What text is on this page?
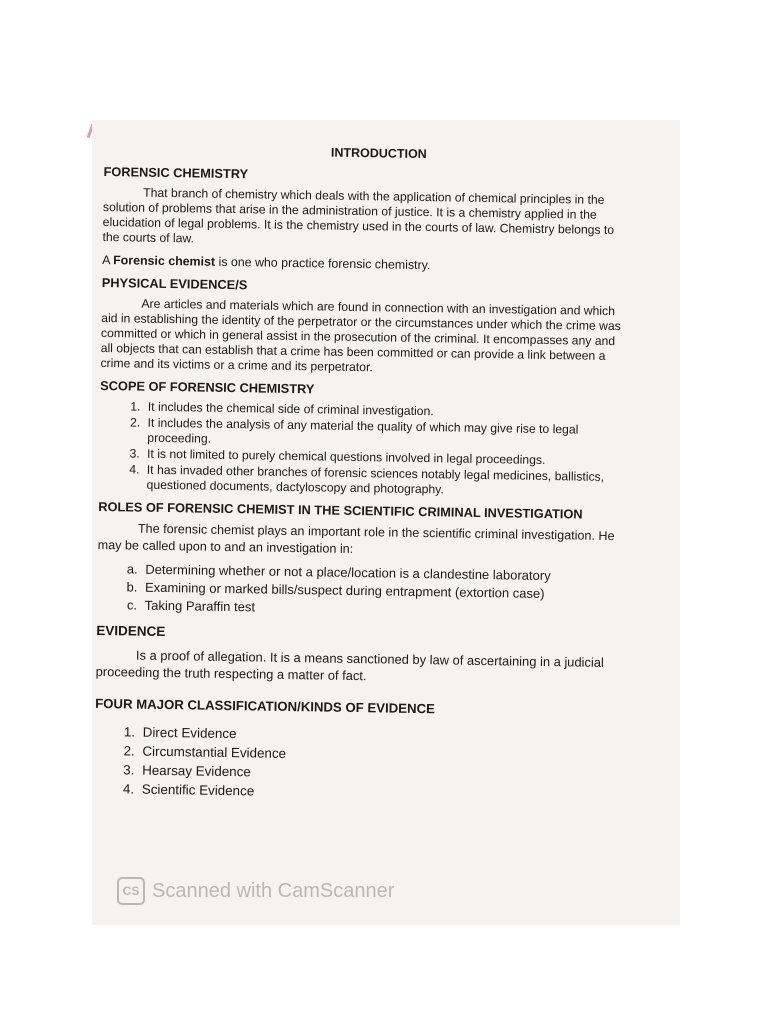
INTRODUCTION
FORENSIC CHEMISTRY

That branch of chemistry which deals with the application of chemical principles in the solution of problems that arise in the administration of justice. It is a chemistry applied in the elucidation of legal problems. It is the chemistry used in the courts of law. Chemistry belongs to the courts of law.

A Forensic chemist is one who practice forensic chemistry.

PHYSICAL EVIDENCE/S

Are articles and materials which are found in connection with an investigation and which aid in establishing the identity of the perpetrator or the circumstances under which the crime was committed or which in general assist in the prosecution of the criminal. It encompasses any and all objects that can establish that a crime has been committed or can provide a link between a crime and its victims or a crime and its perpetrator.

SCOPE OF FORENSIC CHEMISTRY
1. It includes the chemical side of criminal investigation.
2. It includes the analysis of any material the quality of which may give rise to legal proceeding.
3. It is not limited to purely chemical questions involved in legal proceedings.
4. It has invaded other branches of forensic sciences notably legal medicines, ballistics, questioned documents, dactyloscopy and photography.
ROLES OF FORENSIC CHEMIST IN THE SCIENTIFIC CRIMINAL INVESTIGATION

The forensic chemist plays an important role in the scientific criminal investigation. He may be called upon to and an investigation in:

a. Determining whether or not a place/location is a clandestine laboratory
b. Examining or marked bills/suspect during entrapment (extortion case)
c. Taking Paraffin test
EVIDENCE

Is a proof of allegation. It is a means sanctioned by law of ascertaining in a judicial proceeding the truth respecting a matter of fact.

FOUR MAJOR CLASSIFICATION/KINDS OF EVIDENCE
1. Direct Evidence
2. Circumstantial Evidence
3. Hearsay Evidence
4. Scientific Evidence
CS Scanned with CamScanner
